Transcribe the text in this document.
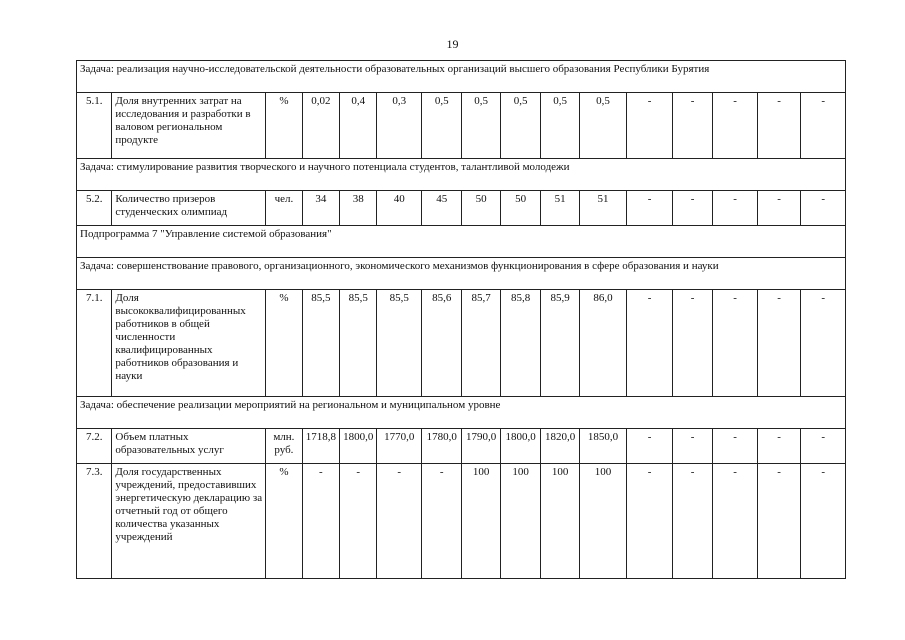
19
Задача: реализация научно-исследовательской деятельности образовательных организаций высшего образования Республики Бурятия															
5.1.	Доля внутренних затрат на исследования и разработки в валовом региональном продукте	%	0,02	0,4	0,3	0,5	0,5	0,5	0,5	0,5	-	-	-	-	-
Задача: стимулирование развития творческого и научного потенциала студентов, талантливой молодежи															
5.2.	Количество призеров студенческих олимпиад	чел.	34	38	40	45	50	50	51	51	-	-	-	-	-
Подпрограмма 7 "Управление системой образования"															
Задача: совершенствование правового, организационного, экономического механизмов функционирования в сфере образования и науки															
7.1.	Доля высококвалифицированных работников в общей численности квалифицированных работников образования и науки	%	85,5	85,5	85,5	85,6	85,7	85,8	85,9	86,0	-	-	-	-	-
Задача: обеспечение реализации мероприятий на региональном и муниципальном уровне															
7.2.	Объем платных образовательных услуг	млн. руб.	1718,8	1800,0	1770,0	1780,0	1790,0	1800,0	1820,0	1850,0	-	-	-	-	-
7.3.	Доля государственных учреждений, предоставивших энергетическую декларацию за отчетный год от общего количества указанных учреждений	%	-	-	-	-	100	100	100	100	-	-	-	-	-
